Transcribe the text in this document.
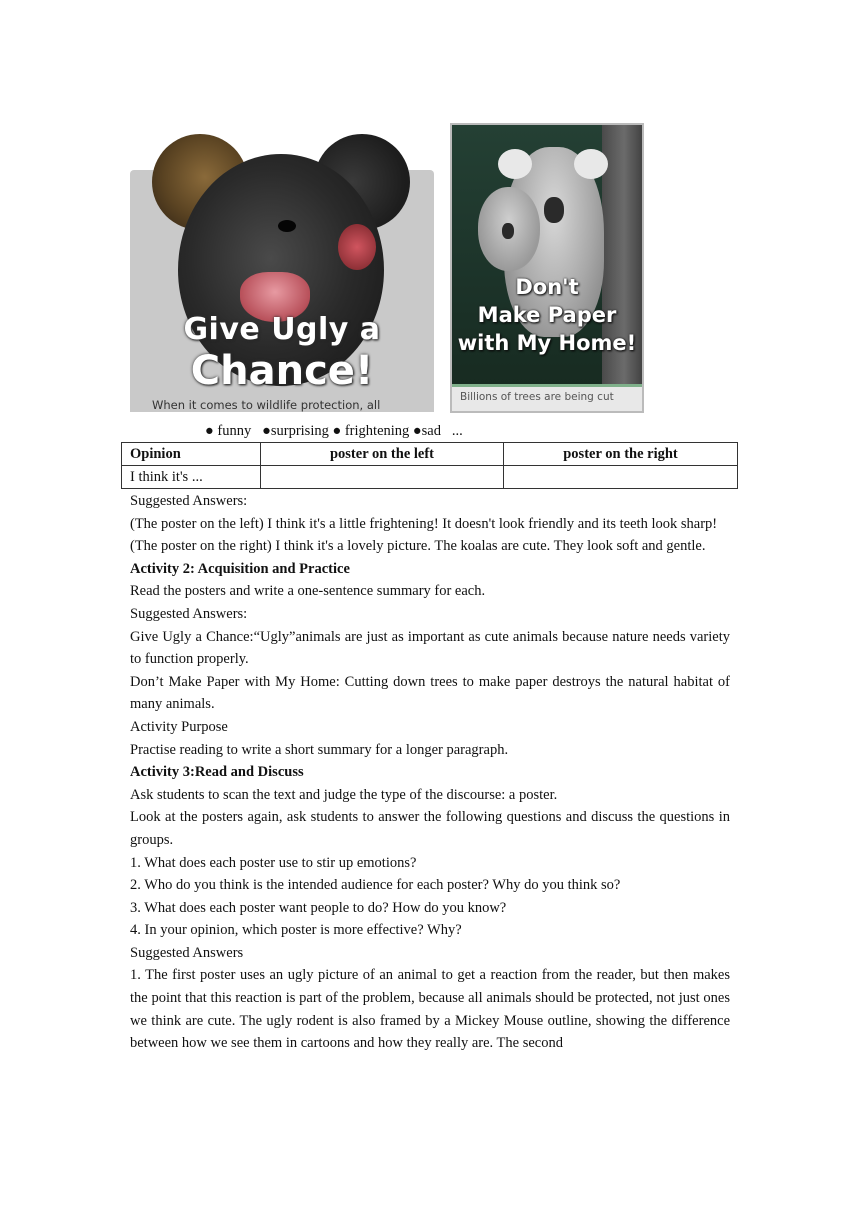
Give Ugly a
Chance!
When it comes to wildlife protection, all
Don't
Make Paper
with My Home!
Billions of trees are being cut
● funny   ●surprising ● frightening ●sad   ...
Opinion	poster on the left	poster on the right
I think it's ...		

Suggested Answers:

(The poster on the left) I think it's a little frightening! It doesn't look friendly and its teeth look sharp!

(The poster on the right) I think it's a lovely picture. The koalas are cute. They look soft and gentle.

Activity 2: Acquisition and Practice

Read the posters and write a one-sentence summary for each.

Suggested Answers:

Give Ugly a Chance:“Ugly”animals are just as important as cute animals because nature needs variety to function properly.

Don’t Make Paper with My Home: Cutting down trees to make paper destroys the natural habitat of many animals.

Activity Purpose

Practise reading to write a short summary for a longer paragraph.

Activity 3:Read and Discuss

Ask students to scan the text and judge the type of the discourse: a poster.

Look at the posters again, ask students to answer the following questions and discuss the questions in groups.

1. What does each poster use to stir up emotions?

2. Who do you think is the intended audience for each poster? Why do you think so?

3. What does each poster want people to do? How do you know?

4. In your opinion, which poster is more effective? Why?

Suggested Answers

1. The first poster uses an ugly picture of an animal to get a reaction from the reader, but then makes the point that this reaction is part of the problem, because all animals should be protected, not just ones we think are cute. The ugly rodent is also framed by a Mickey Mouse outline, showing the difference between how we see them in cartoons and how they really are. The second
